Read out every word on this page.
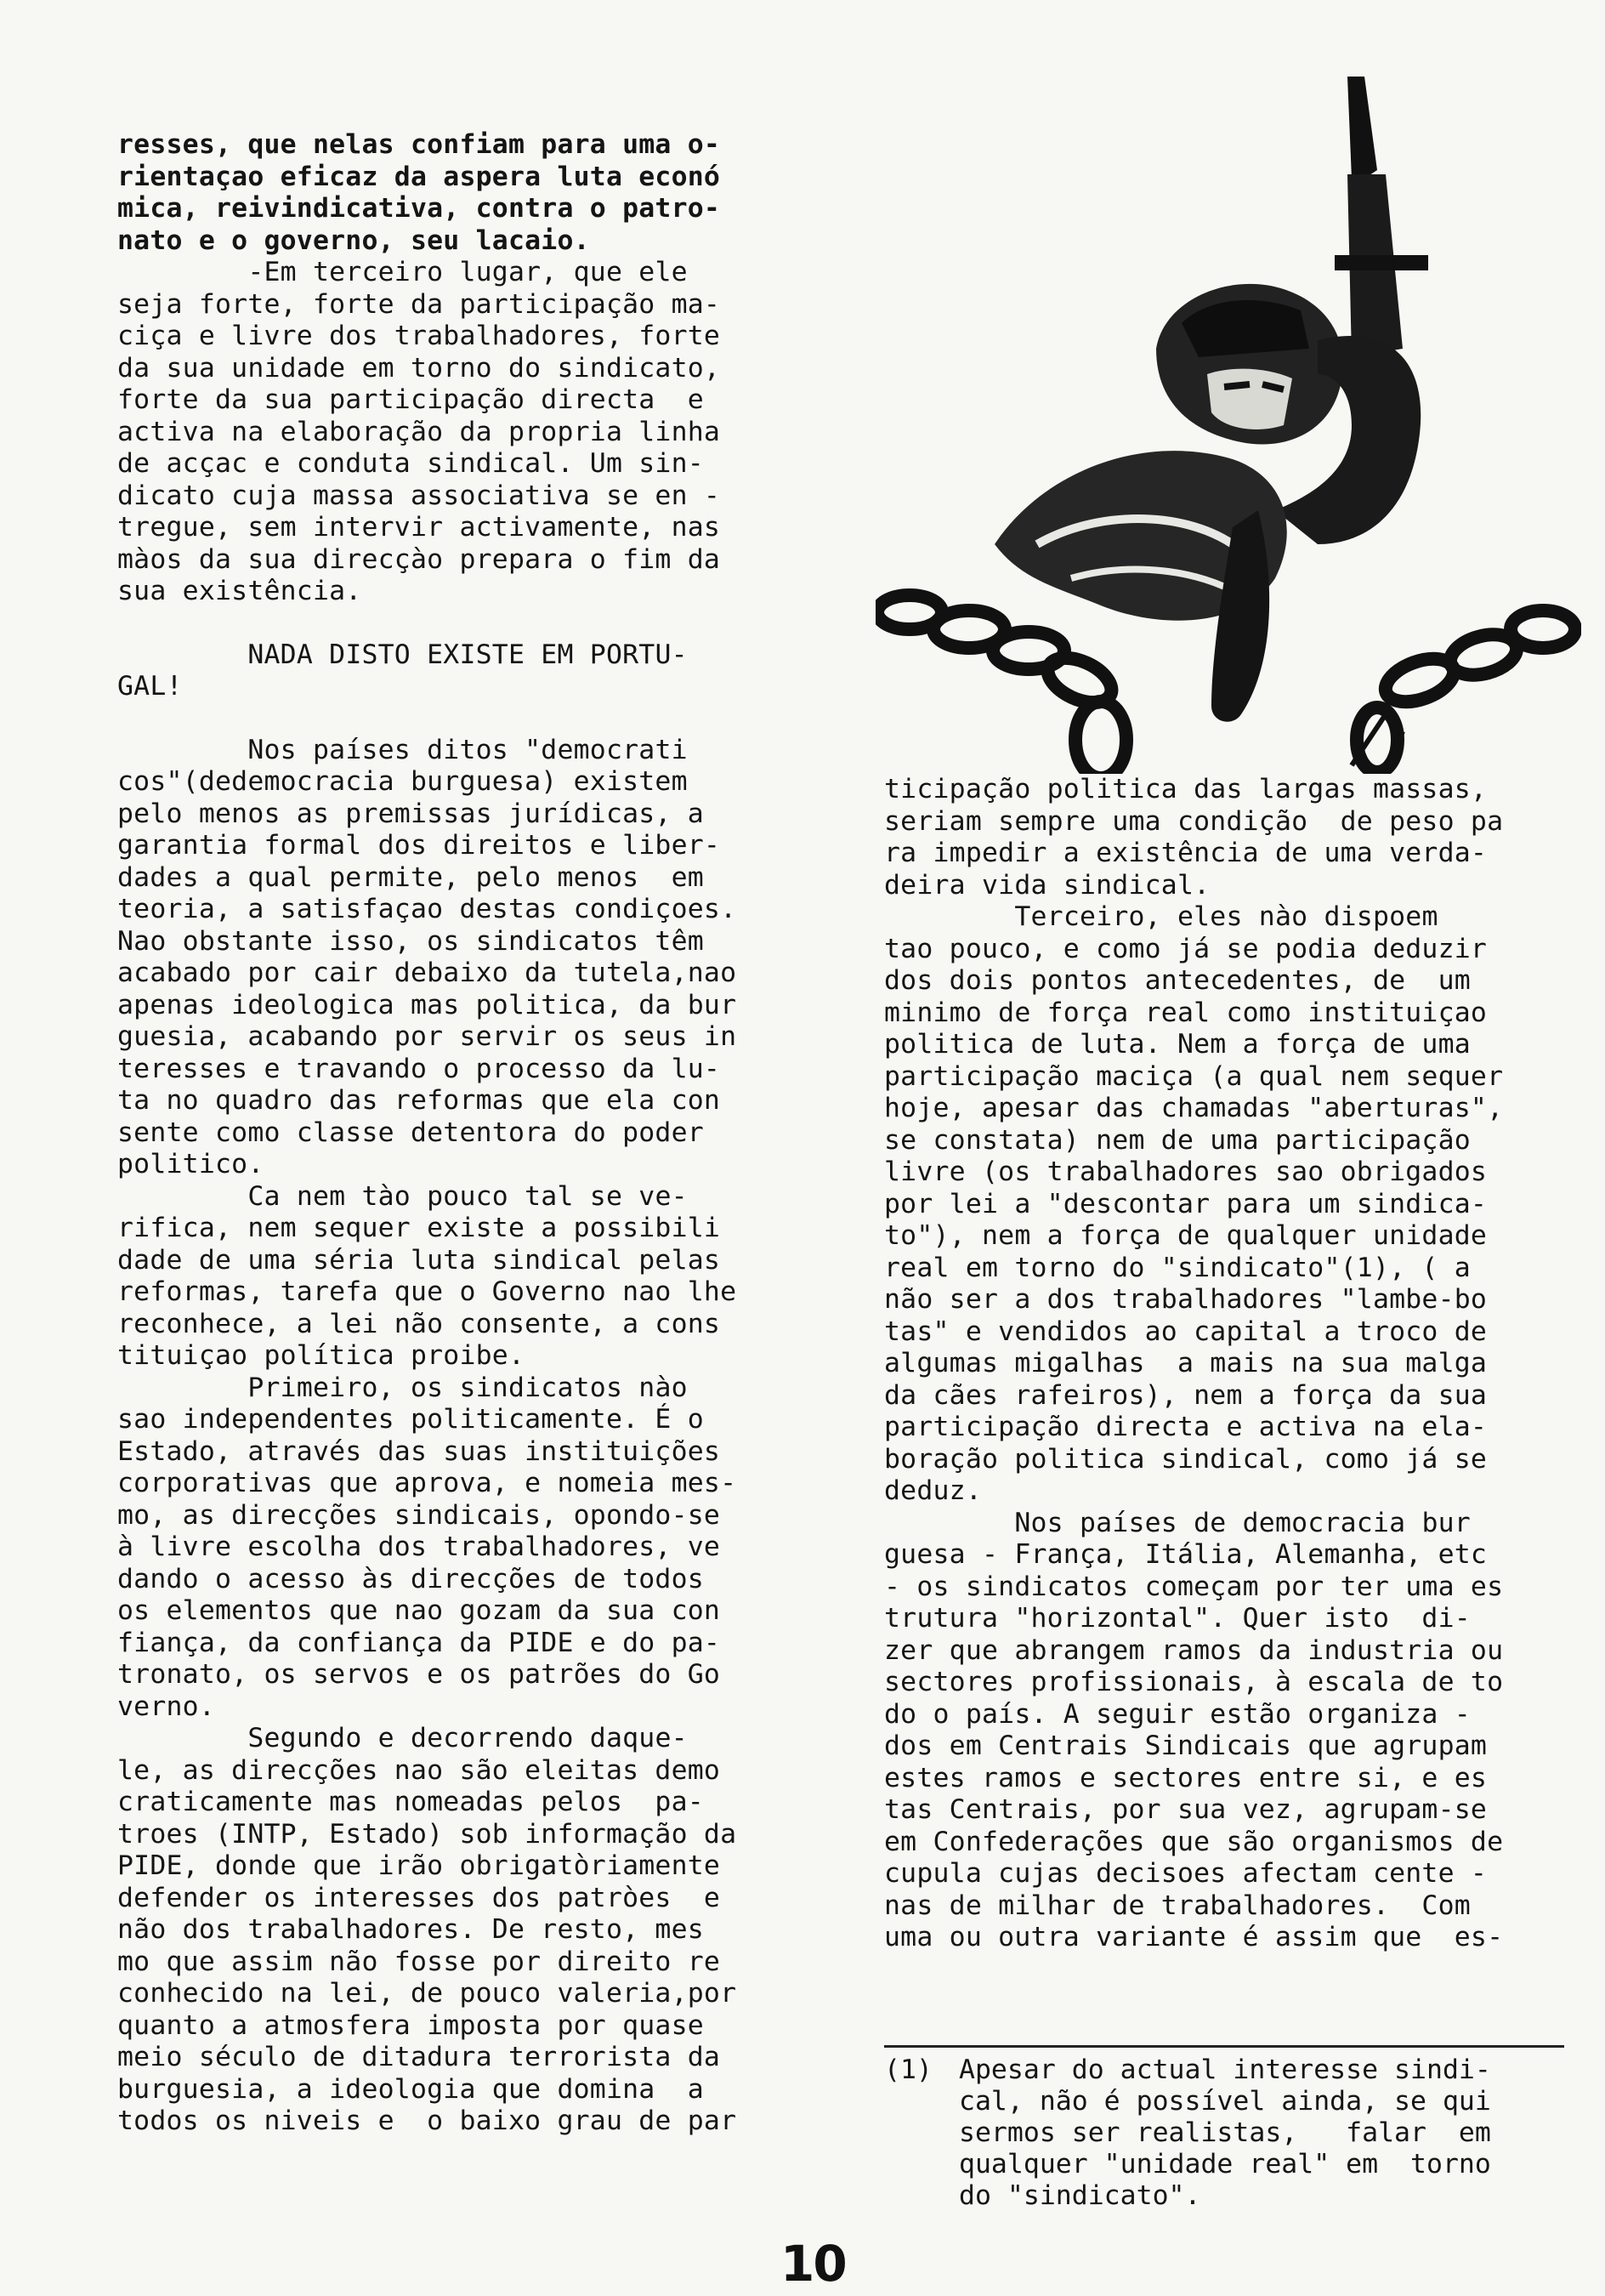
resses, que nelas confiam para uma o-
rientaçao eficaz da aspera luta econó
mica, reivindicativa, contra o patro-
nato e o governo, seu lacaio.

-Em terceiro lugar, que ele
seja forte, forte da participação ma-
ciça e livre dos trabalhadores, forte
da sua unidade em torno do sindicato,
forte da sua participação directa  e
activa na elaboração da propria linha
de acçac e conduta sindical. Um sin-
dicato cuja massa associativa se en -
tregue, sem intervir activamente, nas
màos da sua direcçào prepara o fim da
sua existência.

NADA DISTO EXISTE EM PORTU-
GAL!

Nos países ditos "democrati
cos"(dedemocracia burguesa) existem
pelo menos as premissas jurídicas, a
garantia formal dos direitos e liber-
dades a qual permite, pelo menos  em
teoria, a satisfaçao destas condiçoes.
Nao obstante isso, os sindicatos têm
acabado por cair debaixo da tutela,nao
apenas ideologica mas politica, da bur
guesia, acabando por servir os seus in
teresses e travando o processo da lu-
ta no quadro das reformas que ela con
sente como classe detentora do poder
politico.

Ca nem tào pouco tal se ve-
rifica, nem sequer existe a possibili
dade de uma séria luta sindical pelas
reformas, tarefa que o Governo nao lhe
reconhece, a lei não consente, a cons
tituiçao política proibe.

Primeiro, os sindicatos nào
sao independentes politicamente. É o
Estado, através das suas instituições
corporativas que aprova, e nomeia mes-
mo, as direcções sindicais, opondo-se
à livre escolha dos trabalhadores, ve
dando o acesso às direcções de todos
os elementos que nao gozam da sua con
fiança, da confiança da PIDE e do pa-
tronato, os servos e os patrões do Go
verno.

Segundo e decorrendo daque-
le, as direcções nao são eleitas demo
craticamente mas nomeadas pelos  pa-
troes (INTP, Estado) sob informação da
PIDE, donde que irão obrigatòriamente
defender os interesses dos patròes  e
não dos trabalhadores. De resto, mes
mo que assim não fosse por direito re
conhecido na lei, de pouco valeria,por
quanto a atmosfera imposta por quase
meio século de ditadura terrorista da
burguesia, a ideologia que domina  a
todos os niveis e  o baixo grau de par

ticipação politica das largas massas,
seriam sempre uma condição  de peso pa
ra impedir a existência de uma verda-
deira vida sindical.

Terceiro, eles nào dispoem
tao pouco, e como já se podia deduzir
dos dois pontos antecedentes, de  um
minimo de força real como instituiçao
politica de luta. Nem a força de uma
participação maciça (a qual nem sequer
hoje, apesar das chamadas "aberturas",
se constata) nem de uma participação
livre (os trabalhadores sao obrigados
por lei a "descontar para um sindica-
to"), nem a força de qualquer unidade
real em torno do "sindicato"(1), ( a
não ser a dos trabalhadores "lambe-bo
tas" e vendidos ao capital a troco de
algumas migalhas  a mais na sua malga
da cães rafeiros), nem a força da sua
participação directa e activa na ela-
boração politica sindical, como já se
deduz.

Nos países de democracia bur
guesa - França, Itália, Alemanha, etc
- os sindicatos começam por ter uma es
trutura "horizontal". Quer isto  di-
zer que abrangem ramos da industria ou
sectores profissionais, à escala de to
do o país. A seguir estão organiza -
dos em Centrais Sindicais que agrupam
estes ramos e sectores entre si, e es
tas Centrais, por sua vez, agrupam-se
em Confederações que são organismos de
cupula cujas decisoes afectam cente -
nas de milhar de trabalhadores.  Com
uma ou outra variante é assim que  es-

(1) Apesar do actual interesse sindi-
cal, não é possível ainda, se qui
sermos ser realistas,   falar  em
qualquer "unidade real" em  torno
do "sindicato".

10
